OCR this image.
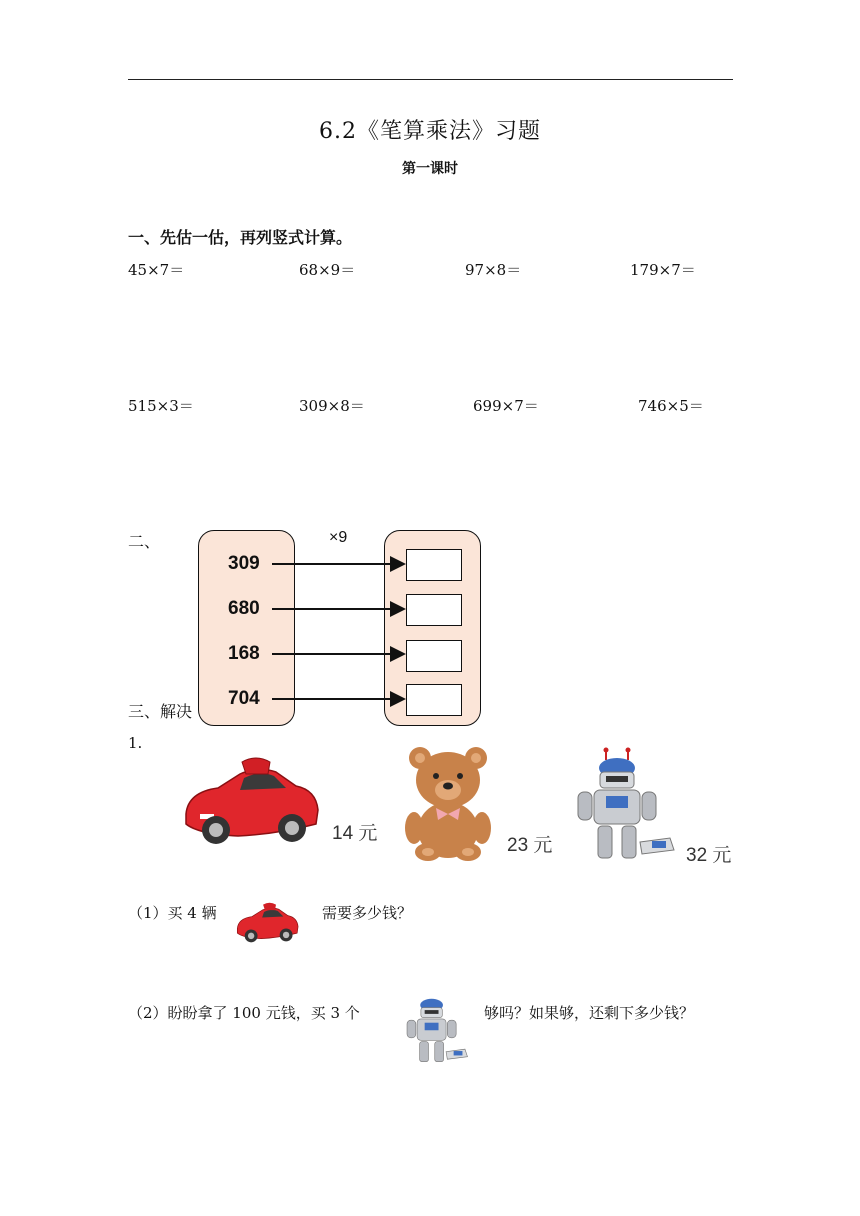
6.2《笔算乘法》习题
第一课时
一、先估一估，再列竖式计算。
45×7＝	68×9＝	97×8＝	179×7＝
515×3＝	309×8＝	699×7＝	746×5＝
二、	×9
309
680
168
704
三、解决
1.
14 元
23 元	32 元
（1）买 4 辆	需要多少钱？
（2）盼盼拿了 100 元钱，买 3 个	够吗？如果够，还剩下多少钱？
